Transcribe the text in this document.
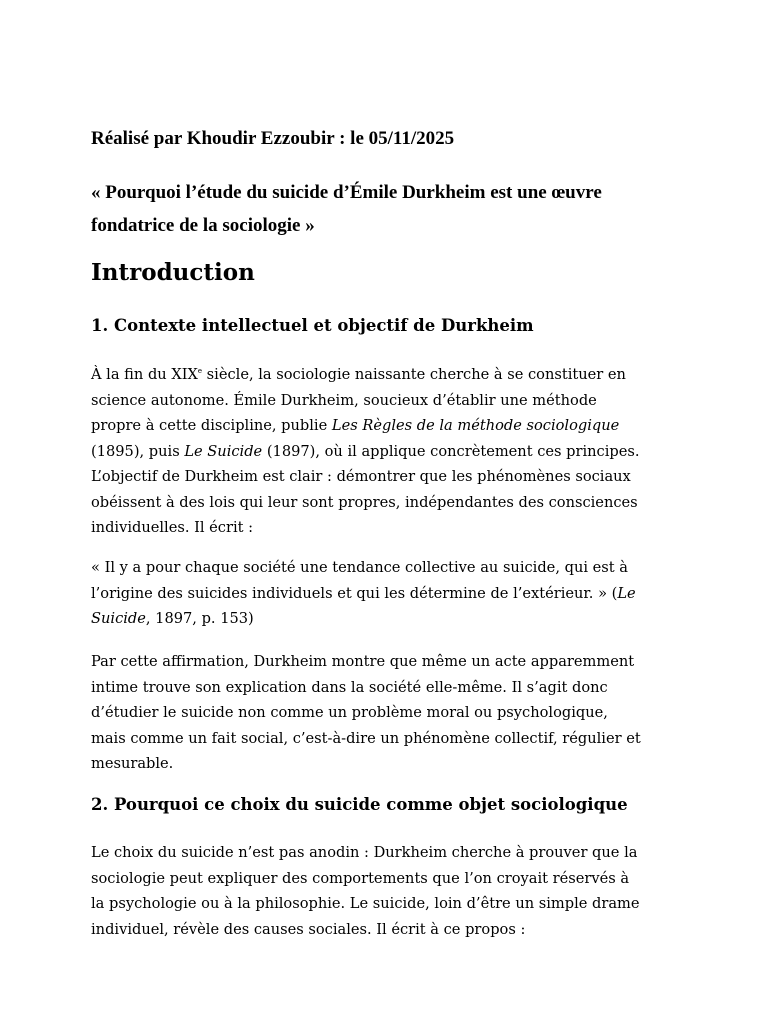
Réalisé par Khoudir Ezzoubir : le 05/11/2025

« Pourquoi l’étude du suicide d’Émile Durkheim est une œuvre
fondatrice de la sociologie »
Introduction
1. Contexte intellectuel et objectif de Durkheim
À la fin du XIXe siècle, la sociologie naissante cherche à se constituer en
science autonome. Émile Durkheim, soucieux d’établir une méthode
propre à cette discipline, publie Les Règles de la méthode sociologique
(1895), puis Le Suicide (1897), où il applique concrètement ces principes.
L’objectif de Durkheim est clair : démontrer que les phénomènes sociaux
obéissent à des lois qui leur sont propres, indépendantes des consciences
individuelles. Il écrit :
« Il y a pour chaque société une tendance collective au suicide, qui est à
l’origine des suicides individuels et qui les détermine de l’extérieur. » (Le
Suicide, 1897, p. 153)
Par cette affirmation, Durkheim montre que même un acte apparemment
intime trouve son explication dans la société elle-même. Il s’agit donc
d’étudier le suicide non comme un problème moral ou psychologique,
mais comme un fait social, c’est-à-dire un phénomène collectif, régulier et
mesurable.
2. Pourquoi ce choix du suicide comme objet sociologique
Le choix du suicide n’est pas anodin : Durkheim cherche à prouver que la
sociologie peut expliquer des comportements que l’on croyait réservés à
la psychologie ou à la philosophie. Le suicide, loin d’être un simple drame
individuel, révèle des causes sociales. Il écrit à ce propos :
